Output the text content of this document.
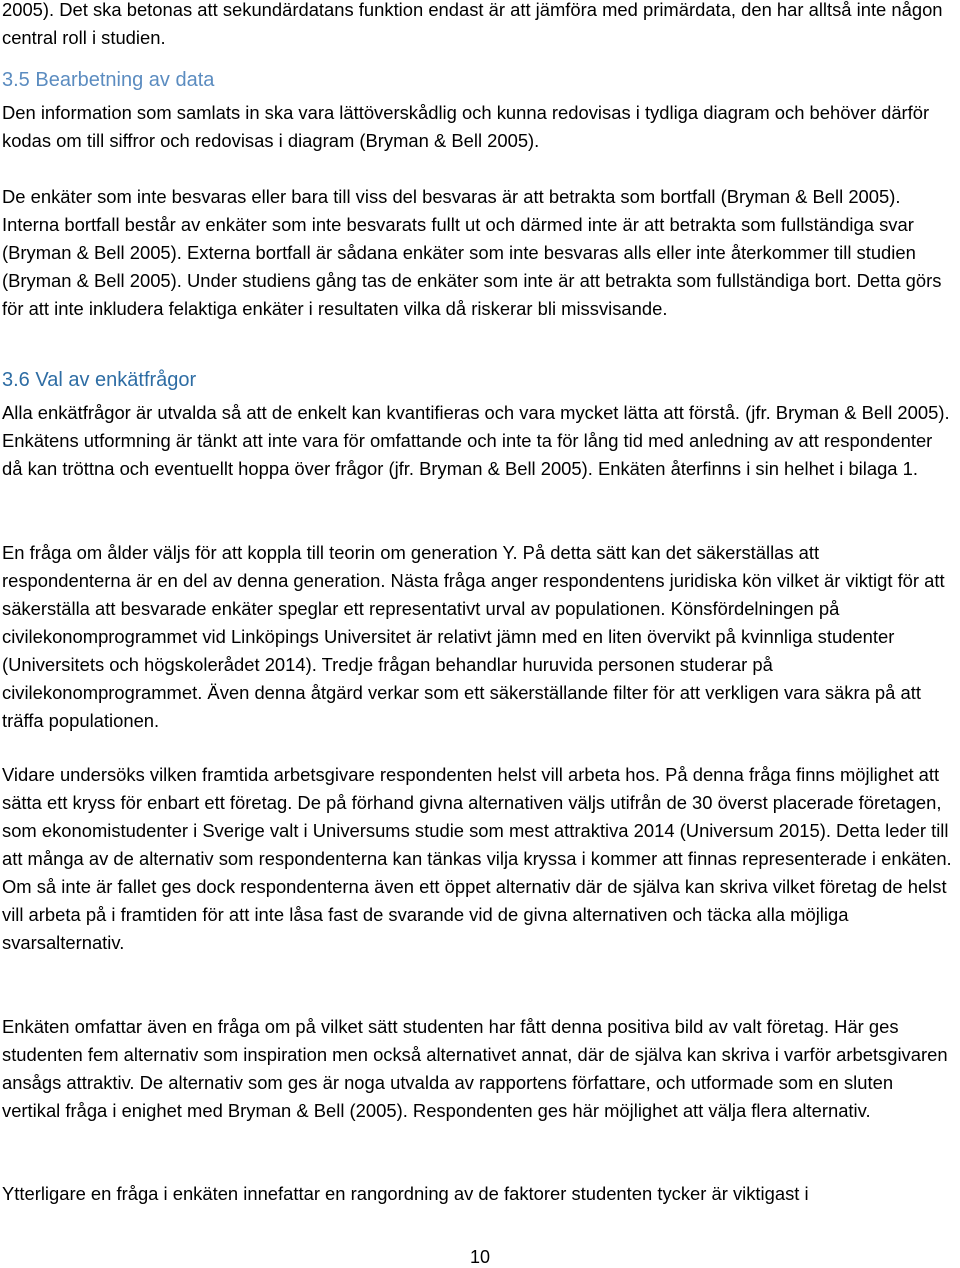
2005). Det ska betonas att sekundärdatans funktion endast är att jämföra med primärdata, den har alltså inte någon central roll i studien.

3.5 Bearbetning av data

Den information som samlats in ska vara lättöverskådlig och kunna redovisas i tydliga diagram och behöver därför kodas om till siffror och redovisas i diagram (Bryman & Bell 2005).

De enkäter som inte besvaras eller bara till viss del besvaras är att betrakta som bortfall (Bryman & Bell 2005). Interna bortfall består av enkäter som inte besvarats fullt ut och därmed inte är att betrakta som fullständiga svar (Bryman & Bell 2005). Externa bortfall är sådana enkäter som inte besvaras alls eller inte återkommer till studien (Bryman & Bell 2005). Under studiens gång tas de enkäter som inte är att betrakta som fullständiga bort. Detta görs för att inte inkludera felaktiga enkäter i resultaten vilka då riskerar bli missvisande.

3.6 Val av enkätfrågor

Alla enkätfrågor är utvalda så att de enkelt kan kvantifieras och vara mycket lätta att förstå. (jfr. Bryman & Bell 2005). Enkätens utformning är tänkt att inte vara för omfattande och inte ta för lång tid med anledning av att respondenter då kan tröttna och eventuellt hoppa över frågor (jfr. Bryman & Bell 2005). Enkäten återfinns i sin helhet i bilaga 1.

En fråga om ålder väljs för att koppla till teorin om generation Y. På detta sätt kan det säkerställas att respondenterna är en del av denna generation. Nästa fråga anger respondentens juridiska kön vilket är viktigt för att säkerställa att besvarade enkäter speglar ett representativt urval av populationen. Könsfördelningen på civilekonomprogrammet vid Linköpings Universitet är relativt jämn med en liten övervikt på kvinnliga studenter (Universitets och högskolerådet 2014). Tredje frågan behandlar huruvida personen studerar på civilekonomprogrammet. Även denna åtgärd verkar som ett säkerställande filter för att verkligen vara säkra på att träffa populationen.

Vidare undersöks vilken framtida arbetsgivare respondenten helst vill arbeta hos. På denna fråga finns möjlighet att sätta ett kryss för enbart ett företag. De på förhand givna alternativen väljs utifrån de 30 överst placerade företagen, som ekonomistudenter i Sverige valt i Universums studie som mest attraktiva 2014 (Universum 2015). Detta leder till att många av de alternativ som respondenterna kan tänkas vilja kryssa i kommer att finnas representerade i enkäten. Om så inte är fallet ges dock respondenterna även ett öppet alternativ där de själva kan skriva vilket företag de helst vill arbeta på i framtiden för att inte låsa fast de svarande vid de givna alternativen och täcka alla möjliga svarsalternativ.

Enkäten omfattar även en fråga om på vilket sätt studenten har fått denna positiva bild av valt företag. Här ges studenten fem alternativ som inspiration men också alternativet annat, där de själva kan skriva i varför arbetsgivaren ansågs attraktiv. De alternativ som ges är noga utvalda av rapportens författare, och utformade som en sluten vertikal fråga i enighet med Bryman & Bell (2005). Respondenten ges här möjlighet att välja flera alternativ.

Ytterligare en fråga i enkäten innefattar en rangordning av de faktorer studenten tycker är viktigast i

10
